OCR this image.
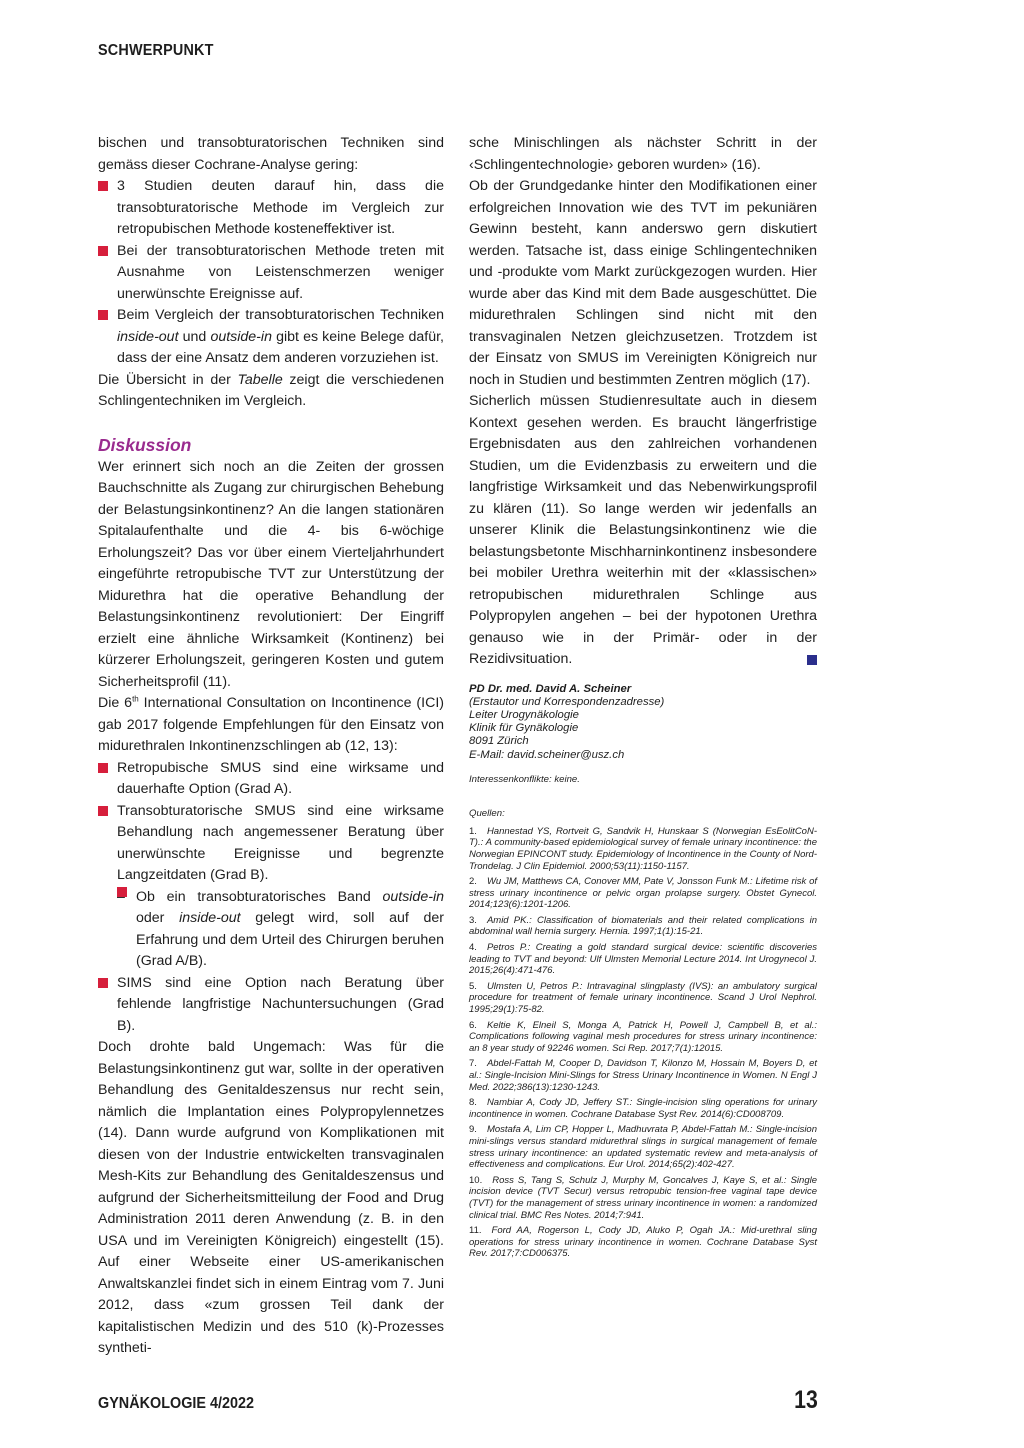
SCHWERPUNKT

bischen und transobturatorischen Techniken sind gemäss dieser Cochrane-Analyse gering:

3 Studien deuten darauf hin, dass die transobturatorische Methode im Vergleich zur retropubischen Methode kosteneffektiver ist.
Bei der transobturatorischen Methode treten mit Ausnahme von Leistenschmerzen weniger unerwünschte Ereignisse auf.
Beim Vergleich der transobturatorischen Techniken inside-out und outside-in gibt es keine Belege dafür, dass der eine Ansatz dem anderen vorzuziehen ist.

Die Übersicht in der Tabelle zeigt die verschiedenen Schlingentechniken im Vergleich.

Diskussion

Wer erinnert sich noch an die Zeiten der grossen Bauchschnitte als Zugang zur chirurgischen Behebung der Belastungsinkontinenz? An die langen stationären Spitalaufenthalte und die 4- bis 6-wöchige Erholungszeit? Das vor über einem Vierteljahrhundert eingeführte retropubische TVT zur Unterstützung der Midurethra hat die operative Behandlung der Belastungsinkontinenz revolutioniert: Der Eingriff erzielt eine ähnliche Wirksamkeit (Kontinenz) bei kürzerer Erholungszeit, geringeren Kosten und gutem Sicherheitsprofil (11).

Die 6th International Consultation on Incontinence (ICI) gab 2017 folgende Empfehlungen für den Einsatz von midurethralen Inkontinenzschlingen ab (12, 13):

Retropubische SMUS sind eine wirksame und dauerhafte Option (Grad A).
Transobturatorische SMUS sind eine wirksame Behandlung nach angemessener Beratung über unerwünschte Ereignisse und begrenzte Langzeitdaten (Grad B).
– Ob ein transobturatorisches Band outside-in oder inside-out gelegt wird, soll auf der Erfahrung und dem Urteil des Chirurgen beruhen (Grad A/B).
SIMS sind eine Option nach Beratung über fehlende langfristige Nachuntersuchungen (Grad B).

Doch drohte bald Ungemach: Was für die Belastungsinkontinenz gut war, sollte in der operativen Behandlung des Genitaldeszensus nur recht sein, nämlich die Implantation eines Polypropylennetzes (14). Dann wurde aufgrund von Komplikationen mit diesen von der Industrie entwickelten transvaginalen Mesh-Kits zur Behandlung des Genitaldeszensus und aufgrund der Sicherheitsmitteilung der Food and Drug Administration 2011 deren Anwendung (z. B. in den USA und im Vereinigten Königreich) eingestellt (15). Auf einer Webseite einer US-amerikanischen Anwaltskanzlei findet sich in einem Eintrag vom 7. Juni 2012, dass «zum grossen Teil dank der kapitalistischen Medizin und des 510 (k)-Prozesses syntheti-

sche Minischlingen als nächster Schritt in der ‹Schlingentechnologie› geboren wurden» (16).

Ob der Grundgedanke hinter den Modifikationen einer erfolgreichen Innovation wie des TVT im pekuniären Gewinn besteht, kann anderswo gern diskutiert werden. Tatsache ist, dass einige Schlingentechniken und -produkte vom Markt zurückgezogen wurden. Hier wurde aber das Kind mit dem Bade ausgeschüttet. Die midurethralen Schlingen sind nicht mit den transvaginalen Netzen gleichzusetzen. Trotzdem ist der Einsatz von SMUS im Vereinigten Königreich nur noch in Studien und bestimmten Zentren möglich (17).

Sicherlich müssen Studienresultate auch in diesem Kontext gesehen werden. Es braucht längerfristige Ergebnisdaten aus den zahlreichen vorhandenen Studien, um die Evidenzbasis zu erweitern und die langfristige Wirksamkeit und das Nebenwirkungsprofil zu klären (11). So lange werden wir jedenfalls an unserer Klinik die Belastungsinkontinenz wie die belastungsbetonte Mischharninkontinenz insbesondere bei mobiler Urethra weiterhin mit der «klassischen» retropubischen midurethralen Schlinge aus Polypropylen angehen – bei der hypotonen Urethra genauso wie in der Primär- oder in der Rezidivsituation.

PD Dr. med. David A. Scheiner
(Erstautor und Korrespondenzadresse)
Leiter Urogynäkologie
Klinik für Gynäkologie
8091 Zürich
E-Mail: david.scheiner@usz.ch
Interessenkonflikte: keine.
Quellen:
1. Hannestad YS, Rortveit G, Sandvik H, Hunskaar S (Norwegian EsEolitCoN-T).: A community-based epidemiological survey of female urinary incontinence: the Norwegian EPINCONT study. Epidemiology of Incontinence in the County of Nord-Trondelag. J Clin Epidemiol. 2000;53(11):1150-1157.
2. Wu JM, Matthews CA, Conover MM, Pate V, Jonsson Funk M.: Lifetime risk of stress urinary incontinence or pelvic organ prolapse surgery. Obstet Gynecol. 2014;123(6):1201-1206.
3. Amid PK.: Classification of biomaterials and their related complications in abdominal wall hernia surgery. Hernia. 1997;1(1):15-21.
4. Petros P.: Creating a gold standard surgical device: scientific discoveries leading to TVT and beyond: Ulf Ulmsten Memorial Lecture 2014. Int Urogynecol J. 2015;26(4):471-476.
5. Ulmsten U, Petros P.: Intravaginal slingplasty (IVS): an ambulatory surgical procedure for treatment of female urinary incontinence. Scand J Urol Nephrol. 1995;29(1):75-82.
6. Keltie K, Elneil S, Monga A, Patrick H, Powell J, Campbell B, et al.: Complications following vaginal mesh procedures for stress urinary incontinence: an 8 year study of 92246 women. Sci Rep. 2017;7(1):12015.
7. Abdel-Fattah M, Cooper D, Davidson T, Kilonzo M, Hossain M, Boyers D, et al.: Single-Incision Mini-Slings for Stress Urinary Incontinence in Women. N Engl J Med. 2022;386(13):1230-1243.
8. Nambiar A, Cody JD, Jeffery ST.: Single-incision sling operations for urinary incontinence in women. Cochrane Database Syst Rev. 2014(6):CD008709.
9. Mostafa A, Lim CP, Hopper L, Madhuvrata P, Abdel-Fattah M.: Single-incision mini-slings versus standard midurethral slings in surgical management of female stress urinary incontinence: an updated systematic review and meta-analysis of effectiveness and complications. Eur Urol. 2014;65(2):402-427.
10. Ross S, Tang S, Schulz J, Murphy M, Goncalves J, Kaye S, et al.: Single incision device (TVT Secur) versus retropubic tension-free vaginal tape device (TVT) for the management of stress urinary incontinence in women: a randomized clinical trial. BMC Res Notes. 2014;7:941.
11. Ford AA, Rogerson L, Cody JD, Aluko P, Ogah JA.: Mid-urethral sling operations for stress urinary incontinence in women. Cochrane Database Syst Rev. 2017;7:CD006375.
GYNÄKOLOGIE 4/2022	13
